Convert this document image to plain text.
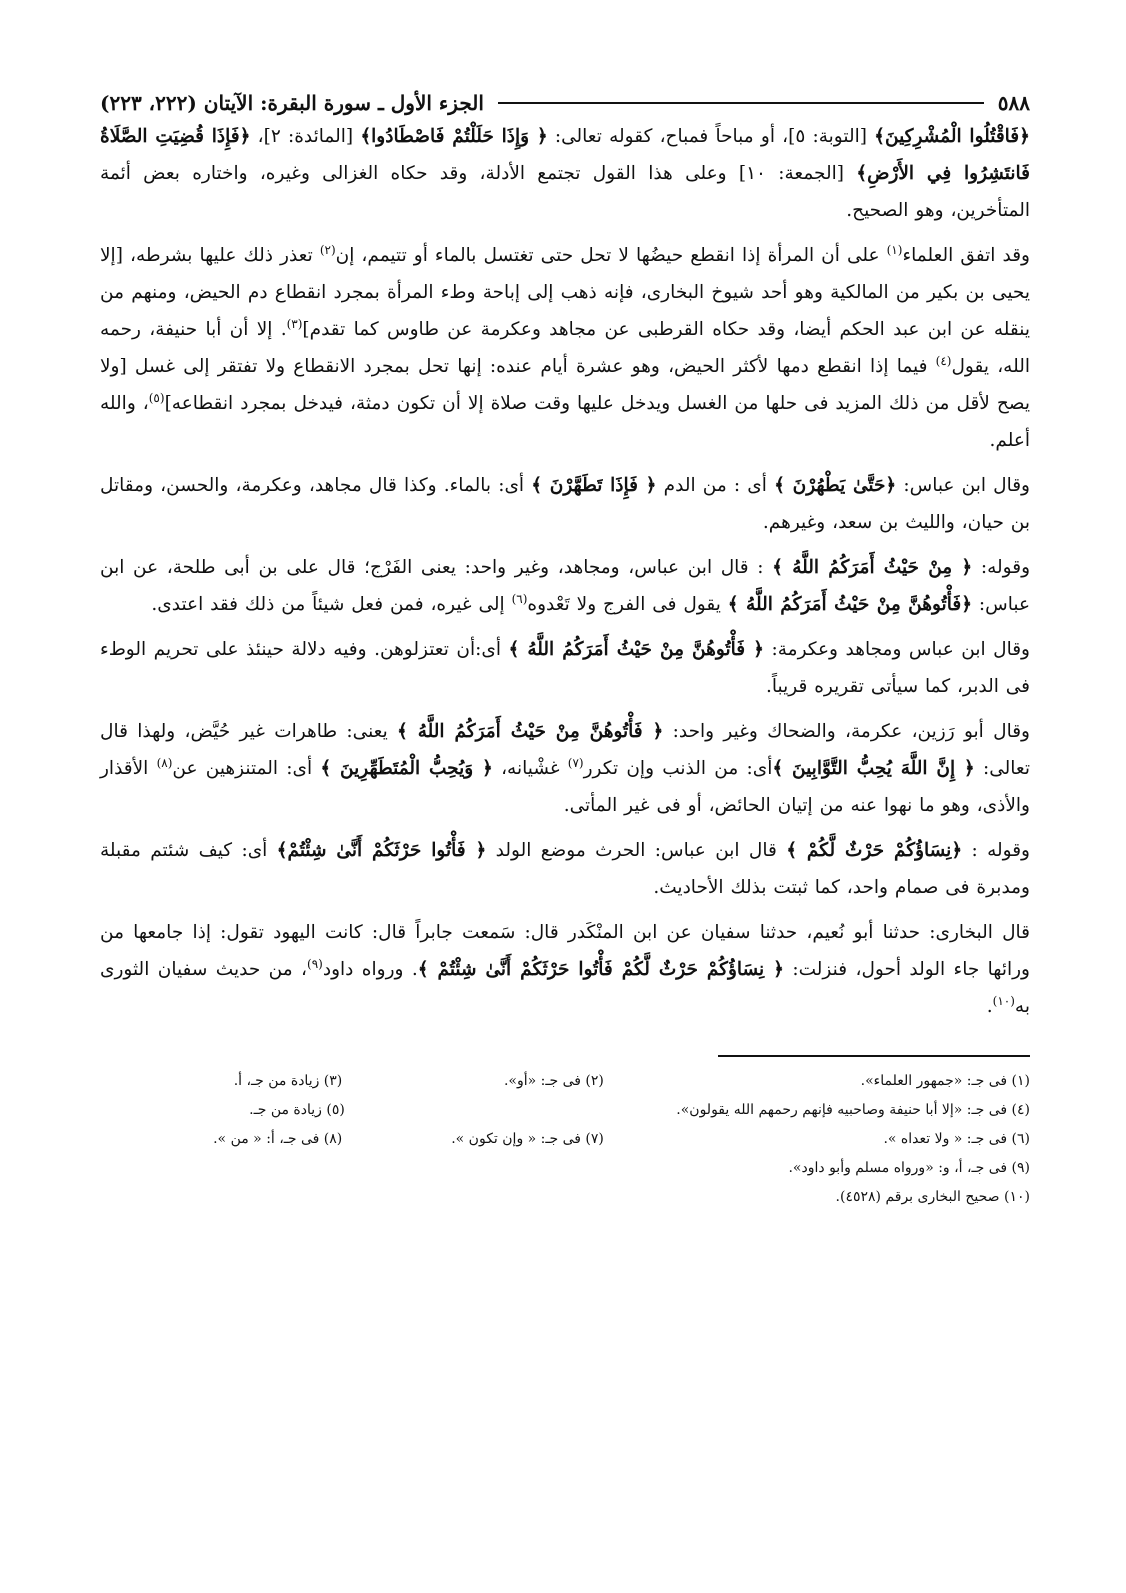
٥٨٨
الجزء الأول ـ سورة البقرة: الآيتان (٢٢٢، ٢٢٣)

﴿فَاقْتُلُوا الْمُشْرِكِينَ﴾ [التوبة: ٥]، أو مباحاً فمباح، كقوله تعالى: ﴿ وَإِذَا حَلَلْتُمْ فَاصْطَادُوا﴾ [المائدة: ٢]، ﴿فَإِذَا قُضِيَتِ الصَّلَاةُ فَانتَشِرُوا فِي الأَرْضِ﴾ [الجمعة: ١٠] وعلى هذا القول تجتمع الأدلة، وقد حكاه الغزالى وغيره، واختاره بعض أئمة المتأخرين، وهو الصحيح.

وقد اتفق العلماء$^{(١)}$ على أن المرأة إذا انقطع حيضُها لا تحل حتى تغتسل بالماء أو تتيمم، إن$^{(٢)}$ تعذر ذلك عليها بشرطه، [إلا يحيى بن بكير من المالكية وهو أحد شيوخ البخارى، فإنه ذهب إلى إباحة وطء المرأة بمجرد انقطاع دم الحيض، ومنهم من ينقله عن ابن عبد الحكم أيضا، وقد حكاه القرطبى عن مجاهد وعكرمة عن طاوس كما تقدم]$^{(٣)}$. إلا أن أبا حنيفة، رحمه الله، يقول$^{(٤)}$ فيما إذا انقطع دمها لأكثر الحيض، وهو عشرة أيام عنده: إنها تحل بمجرد الانقطاع ولا تفتقر إلى غسل [ولا يصح لأقل من ذلك المزيد فى حلها من الغسل ويدخل عليها وقت صلاة إلا أن تكون دمثة، فيدخل بمجرد انقطاعه]$^{(٥)}$، والله أعلم.

وقال ابن عباس: ﴿حَتَّىٰ يَطْهُرْنَ ﴾ أى : من الدم ﴿ فَإِذَا تَطَهَّرْنَ ﴾ أى: بالماء. وكذا قال مجاهد، وعكرمة، والحسن، ومقاتل بن حيان، والليث بن سعد، وغيرهم.

وقوله: ﴿ مِنْ حَيْثُ أَمَرَكُمُ اللَّهُ ﴾ : قال ابن عباس، ومجاهد، وغير واحد: يعنى الفَرْج؛ قال على بن أبى طلحة، عن ابن عباس: ﴿فَأْتُوهُنَّ مِنْ حَيْثُ أَمَرَكُمُ اللَّهُ ﴾ يقول فى الفرج ولا تَعْدوه$^{(٦)}$ إلى غيره، فمن فعل شيئاً من ذلك فقد اعتدى.

وقال ابن عباس ومجاهد وعكرمة: ﴿ فَأْتُوهُنَّ مِنْ حَيْثُ أَمَرَكُمُ اللَّهُ ﴾ أى:أن تعتزلوهن. وفيه دلالة حينئذ على تحريم الوطء فى الدبر، كما سيأتى تقريره قريباً.

وقال أبو رَزين، عكرمة، والضحاك وغير واحد: ﴿ فَأْتُوهُنَّ مِنْ حَيْثُ أَمَرَكُمُ اللَّهُ ﴾ يعنى: طاهرات غير حُيَّض، ولهذا قال تعالى: ﴿ إِنَّ اللَّهَ يُحِبُّ التَّوَّابِينَ ﴾أى: من الذنب وإن تكرر$^{(٧)}$ غشْيانه، ﴿ وَيُحِبُّ الْمُتَطَهِّرِينَ ﴾ أى: المتنزهين عن$^{(٨)}$ الأقذار والأذى، وهو ما نهوا عنه من إتيان الحائض، أو فى غير المأتى.

وقوله : ﴿نِسَاؤُكُمْ حَرْثٌ لَّكُمْ ﴾ قال ابن عباس: الحرث موضع الولد ﴿ فَأْتُوا حَرْثَكُمْ أَنَّىٰ شِئْتُمْ﴾ أى: كيف شئتم مقبلة ومدبرة فى صمام واحد، كما ثبتت بذلك الأحاديث.

قال البخارى: حدثنا أبو نُعيم، حدثنا سفيان عن ابن المنْكَدر قال: سَمعت جابراً قال: كانت اليهود تقول: إذا جامعها من ورائها جاء الولد أحول، فنزلت: ﴿ نِسَاؤُكُمْ حَرْثٌ لَّكُمْ فَأْتُوا حَرْثَكُمْ أَنَّىٰ شِئْتُمْ ﴾. ورواه داود$^{(٩)}$، من حديث سفيان الثورى به$^{(١٠)}$.

(١) فى جـ: «جمهور العلماء».
(٢) فى جـ: «أو».
(٣) زيادة من جـ، أ.
(٤) فى جـ: «إلا أبا حنيفة وصاحبيه فإنهم رحمهم الله يقولون».
(٥) زيادة من جـ.
(٦) فى جـ: « ولا تعداه ».
(٧) فى جـ: « وإن تكون ».
(٨) فى جـ، أ: « من ».
(٩) فى جـ، أ، و: «ورواه مسلم وأبو داود».
(١٠) صحيح البخارى برقم (٤٥٢٨).
